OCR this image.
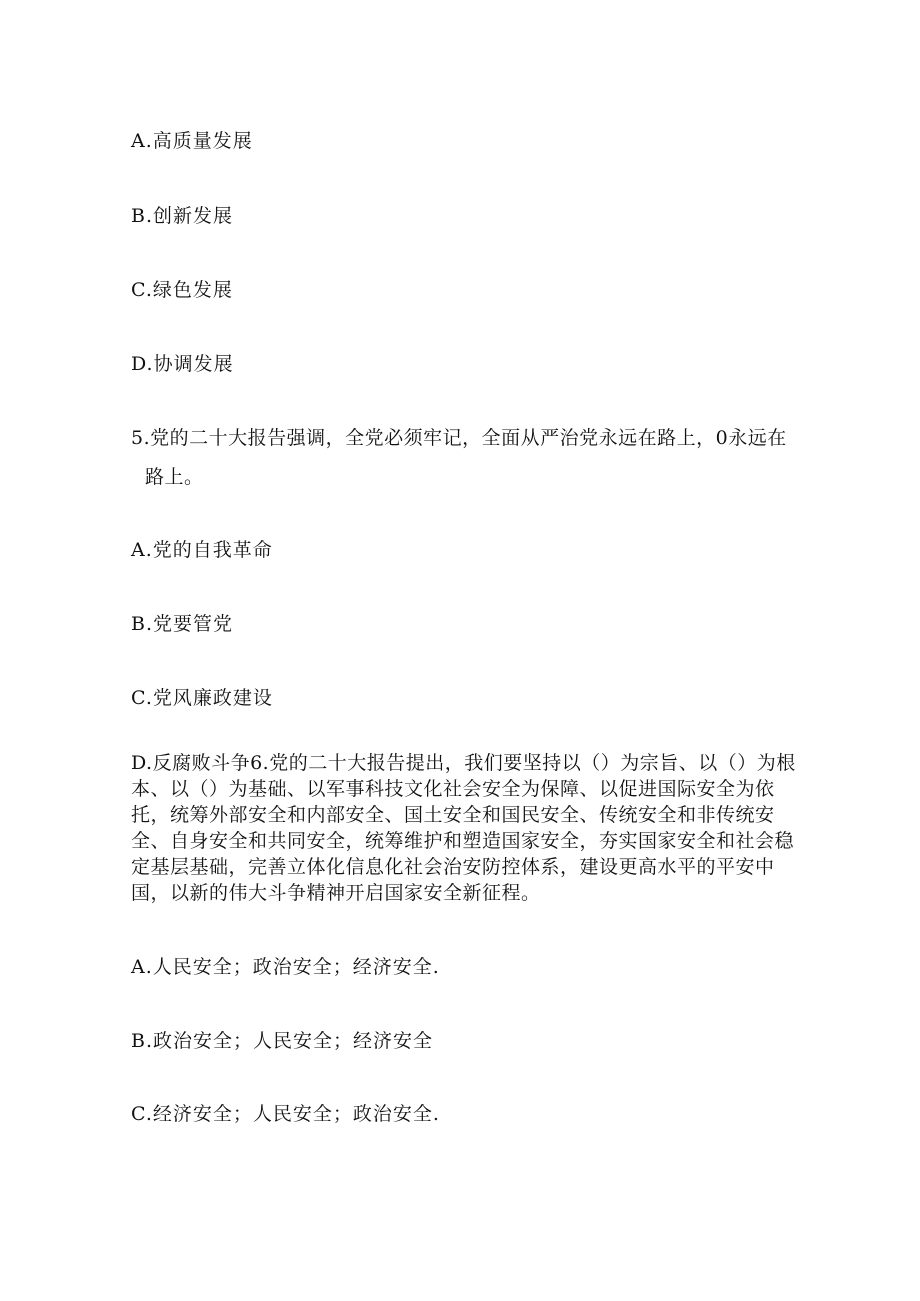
A.高质量发展
B.创新发展
C.绿色发展
D.协调发展
5.党的二十大报告强调，全党必须牢记，全面从严治党永远在路上，0永远在
路上。
A.党的自我革命
B.党要管党
C.党风廉政建设
D.反腐败斗争6.党的二十大报告提出，我们要坚持以（）为宗旨、以（）为根本、以（）为基础、以军事科技文化社会安全为保障、以促进国际安全为依托，统筹外部安全和内部安全、国土安全和国民安全、传统安全和非传统安全、自身安全和共同安全，统筹维护和塑造国家安全，夯实国家安全和社会稳定基层基础，完善立体化信息化社会治安防控体系，建设更高水平的平安中国，以新的伟大斗争精神开启国家安全新征程。
A.人民安全；政治安全；经济安全.
B.政治安全；人民安全；经济安全
C.经济安全；人民安全；政治安全.
